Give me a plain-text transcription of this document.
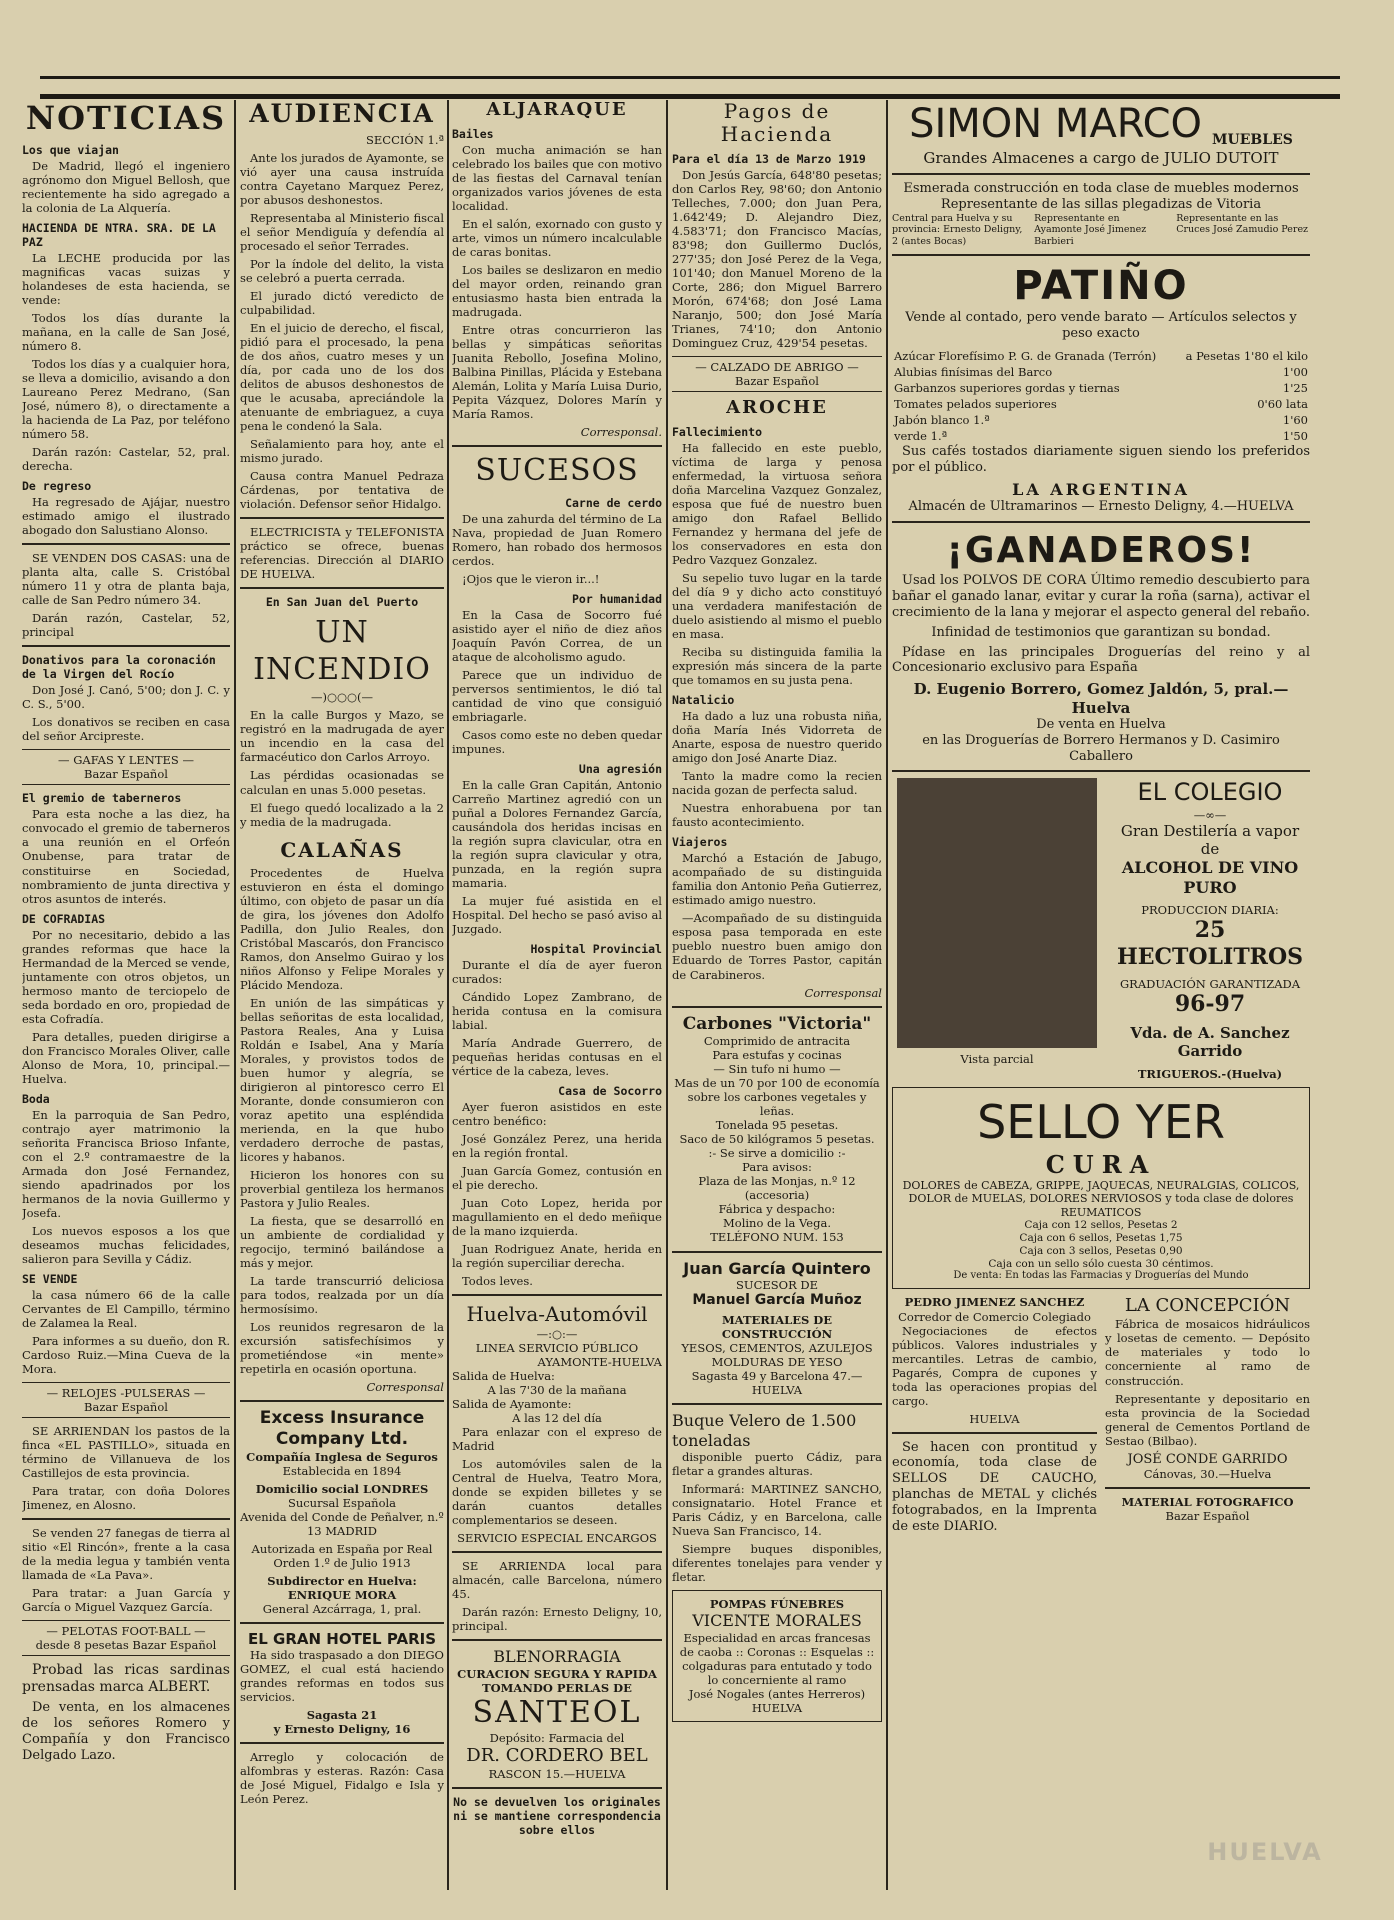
NOTICIAS
Los que viajan

De Madrid, llegó el ingeniero agrónomo don Miguel Bellosh, que recientemente ha sido agregado a la colonia de La Alquería.

HACIENDA DE NTRA. SRA. DE LA PAZ

La LECHE producida por las magnificas vacas suizas y holandeses de esta hacienda, se vende:

Todos los días durante la mañana, en la calle de San José, número 8.

Todos los días y a cualquier hora, se lleva a domicilio, avisando a don Laureano Perez Medrano, (San José, número 8), o directamente a la hacienda de La Paz, por teléfono número 58.

Darán razón: Castelar, 52, pral. derecha.

De regreso

Ha regresado de Ajájar, nuestro estimado amigo el ilustrado abogado don Salustiano Alonso.

SE VENDEN DOS CASAS: una de planta alta, calle S. Cristóbal número 11 y otra de planta baja, calle de San Pedro número 34.

Darán razón, Castelar, 52, principal

Donativos para la coronación de la Virgen del Rocío

Don José J. Canó, 5'00; don J. C. y C. S., 5'00.

Los donativos se reciben en casa del señor Arcipreste.

— GAFAS Y LENTES —
Bazar Español
El gremio de taberneros

Para esta noche a las diez, ha convocado el gremio de taberneros a una reunión en el Orfeón Onubense, para tratar de constituirse en Sociedad, nombramiento de junta directiva y otros asuntos de interés.

DE COFRADIAS

Por no necesitario, debido a las grandes reformas que hace la Hermandad de la Merced se vende, juntamente con otros objetos, un hermoso manto de terciopelo de seda bordado en oro, propiedad de esta Cofradía.

Para detalles, pueden dirigirse a don Francisco Morales Oliver, calle Alonso de Mora, 10, principal.—Huelva.

Boda

En la parroquia de San Pedro, contrajo ayer matrimonio la señorita Francisca Brioso Infante, con el 2.º contramaestre de la Armada don José Fernandez, siendo apadrinados por los hermanos de la novia Guillermo y Josefa.

Los nuevos esposos a los que deseamos muchas felicidades, salieron para Sevilla y Cádiz.

SE VENDE

la casa número 66 de la calle Cervantes de El Campillo, término de Zalamea la Real.

Para informes a su dueño, don R. Cardoso Ruiz.—Mina Cueva de la Mora.

— RELOJES -PULSERAS —
Bazar Español

SE ARRIENDAN los pastos de la finca «EL PASTILLO», situada en término de Villanueva de los Castillejos de esta provincia.

Para tratar, con doña Dolores Jimenez, en Alosno.

Se venden 27 fanegas de tierra al sitio «El Rincón», frente a la casa de la media legua y también venta llamada de «La Pava».

Para tratar: a Juan García y García o Miguel Vazquez García.

— PELOTAS FOOT-BALL —
desde 8 pesetas Bazar Español

Probad las ricas sardinas prensadas marca ALBERT.

De venta, en los almacenes de los señores Romero y Compañía y don Francisco Delgado Lazo.

AUDIENCIA

SECCIÓN 1.ª

Ante los jurados de Ayamonte, se vió ayer una causa instruída contra Cayetano Marquez Perez, por abusos deshonestos.

Representaba al Ministerio fiscal el señor Mendiguía y defendía al procesado el señor Terrades.

Por la índole del delito, la vista se celebró a puerta cerrada.

El jurado dictó veredicto de culpabilidad.

En el juicio de derecho, el fiscal, pidió para el procesado, la pena de dos años, cuatro meses y un día, por cada uno de los dos delitos de abusos deshonestos de que le acusaba, apreciándole la atenuante de embriaguez, a cuya pena le condenó la Sala.

Señalamiento para hoy, ante el mismo jurado.

Causa contra Manuel Pedraza Cárdenas, por tentativa de violación. Defensor señor Hidalgo.

ELECTRICISTA y TELEFONISTA práctico se ofrece, buenas referencias. Dirección al DIARIO DE HUELVA.

En San Juan del Puerto
UN INCENDIO

—)○○○(—

En la calle Burgos y Mazo, se registró en la madrugada de ayer un incendio en la casa del farmacéutico don Carlos Arroyo.

Las pérdidas ocasionadas se calculan en unas 5.000 pesetas.

El fuego quedó localizado a la 2 y media de la madrugada.

CALAÑAS

Procedentes de Huelva estuvieron en ésta el domingo último, con objeto de pasar un día de gira, los jóvenes don Adolfo Padilla, don Julio Reales, don Cristóbal Mascarós, don Francisco Ramos, don Anselmo Guirao y los niños Alfonso y Felipe Morales y Plácido Mendoza.

En unión de las simpáticas y bellas señoritas de esta localidad, Pastora Reales, Ana y Luisa Roldán e Isabel, Ana y María Morales, y provistos todos de buen humor y alegría, se dirigieron al pintoresco cerro El Morante, donde consumieron con voraz apetito una espléndida merienda, en la que hubo verdadero derroche de pastas, licores y habanos.

Hicieron los honores con su proverbial gentileza los hermanos Pastora y Julio Reales.

La fiesta, que se desarrolló en un ambiente de cordialidad y regocijo, terminó bailándose a más y mejor.

La tarde transcurrió deliciosa para todos, realzada por un día hermosísimo.

Los reunidos regresaron de la excursión satisfechísimos y prometiéndose «in mente» repetirla en ocasión oportuna.

Corresponsal

Excess Insurance Company Ltd.
Compañía Inglesa de Seguros
Establecida en 1894
Domicilio social LONDRES
Sucursal Española
Avenida del Conde de Peñalver, n.º 13 MADRID
Autorizada en España por Real Orden 1.º de Julio 1913
Subdirector en Huelva:
ENRIQUE MORA
General Azcárraga, 1, pral.
EL GRAN HOTEL PARIS

Ha sido traspasado a don DIEGO GOMEZ, el cual está haciendo grandes reformas en todos sus servicios.

Sagasta 21
y Ernesto Deligny, 16

Arreglo y colocación de alfombras y esteras. Razón: Casa de José Miguel, Fidalgo e Isla y León Perez.

ALJARAQUE
Bailes

Con mucha animación se han celebrado los bailes que con motivo de las fiestas del Carnaval tenían organizados varios jóvenes de esta localidad.

En el salón, exornado con gusto y arte, vimos un número incalculable de caras bonitas.

Los bailes se deslizaron en medio del mayor orden, reinando gran entusiasmo hasta bien entrada la madrugada.

Entre otras concurrieron las bellas y simpáticas señoritas Juanita Rebollo, Josefina Molino, Balbina Pinillas, Plácida y Estebana Alemán, Lolita y María Luisa Durio, Pepita Vázquez, Dolores Marín y María Ramos.

Corresponsal.

SUCESOS
Carne de cerdo

De una zahurda del término de La Nava, propiedad de Juan Romero Romero, han robado dos hermosos cerdos.

¡Ojos que le vieron ir...!

Por humanidad

En la Casa de Socorro fué asistido ayer el niño de diez años Joaquín Pavón Correa, de un ataque de alcoholismo agudo.

Parece que un individuo de perversos sentimientos, le dió tal cantidad de vino que consiguió embriagarle.

Casos como este no deben quedar impunes.

Una agresión

En la calle Gran Capitán, Antonio Carreño Martinez agredió con un puñal a Dolores Fernandez García, causándola dos heridas incisas en la región supra clavicular, otra en la región supra clavicular y otra, punzada, en la región supra mamaria.

La mujer fué asistida en el Hospital. Del hecho se pasó aviso al Juzgado.

Hospital Provincial

Durante el día de ayer fueron curados:

Cándido Lopez Zambrano, de herida contusa en la comisura labial.

María Andrade Guerrero, de pequeñas heridas contusas en el vértice de la cabeza, leves.

Casa de Socorro

Ayer fueron asistidos en este centro benéfico:

José González Perez, una herida en la región frontal.

Juan García Gomez, contusión en el pie derecho.

Juan Coto Lopez, herida por magullamiento en el dedo meñique de la mano izquierda.

Juan Rodriguez Anate, herida en la región superciliar derecha.

Todos leves.

Huelva-Automóvil
—:○:—
LINEA SERVICIO PÚBLICO
AYAMONTE-HUELVA
Salida de Huelva:
A las 7'30 de la mañana
Salida de Ayamonte:
A las 12 del día

Para enlazar con el expreso de Madrid

Los automóviles salen de la Central de Huelva, Teatro Mora, donde se expiden billetes y se darán cuantos detalles complementarios se deseen.

SERVICIO ESPECIAL ENCARGOS

SE ARRIENDA local para almacén, calle Barcelona, número 45.

Darán razón: Ernesto Deligny, 10, principal.

BLENORRAGIA
CURACION SEGURA Y RAPIDA
TOMANDO PERLAS DE
SANTEOL
Depósito: Farmacia del
DR. CORDERO BEL
RASCON 15.—HUELVA

No se devuelven los originales ni se mantiene correspondencia sobre ellos

Pagos de Hacienda
Para el día 13 de Marzo 1919

Don Jesús García, 648'80 pesetas; don Carlos Rey, 98'60; don Antonio Telleches, 7.000; don Juan Pera, 1.642'49; D. Alejandro Diez, 4.583'71; don Francisco Macías, 83'98; don Guillermo Duclós, 277'35; don José Perez de la Vega, 101'40; don Manuel Moreno de la Corte, 286; don Miguel Barrero Morón, 674'68; don José Lama Naranjo, 500; don José María Trianes, 74'10; don Antonio Dominguez Cruz, 429'54 pesetas.

— CALZADO DE ABRIGO —
Bazar Español
AROCHE
Fallecimiento

Ha fallecido en este pueblo, víctima de larga y penosa enfermedad, la virtuosa señora doña Marcelina Vazquez Gonzalez, esposa que fué de nuestro buen amigo don Rafael Bellido Fernandez y hermana del jefe de los conservadores en esta don Pedro Vazquez Gonzalez.

Su sepelio tuvo lugar en la tarde del día 9 y dicho acto constituyó una verdadera manifestación de duelo asistiendo al mismo el pueblo en masa.

Reciba su distinguida familia la expresión más sincera de la parte que tomamos en su justa pena.

Natalicio

Ha dado a luz una robusta niña, doña María Inés Vidorreta de Anarte, esposa de nuestro querido amigo don José Anarte Diaz.

Tanto la madre como la recien nacida gozan de perfecta salud.

Nuestra enhorabuena por tan fausto acontecimiento.

Viajeros

Marchó a Estación de Jabugo, acompañado de su distinguida familia don Antonio Peña Gutierrez, estimado amigo nuestro.

—Acompañado de su distinguida esposa pasa temporada en este pueblo nuestro buen amigo don Eduardo de Torres Pastor, capitán de Carabineros.

Corresponsal

Carbones "Victoria"
Comprimido de antracita
Para estufas y cocinas
— Sin tufo ni humo —
Mas de un 70 por 100 de economía sobre los carbones vegetales y leñas.
Tonelada 95 pesetas.
Saco de 50 kilógramos 5 pesetas.
:- Se sirve a domicilio :-
Para avisos:
Plaza de las Monjas, n.º 12 (accesoria)
Fábrica y despacho:
Molino de la Vega.
TELÉFONO NUM. 153
Juan García Quintero
SUCESOR DE
Manuel García Muñoz
MATERIALES DE CONSTRUCCIÓN
YESOS, CEMENTOS, AZULEJOS
MOLDURAS DE YESO
Sagasta 49 y Barcelona 47.—HUELVA
Buque Velero de 1.500 toneladas

disponible puerto Cádiz, para fletar a grandes alturas.

Informará: MARTINEZ SANCHO, consignatario. Hotel France et Paris Cádiz, y en Barcelona, calle Nueva San Francisco, 14.

Siempre buques disponibles, diferentes tonelajes para vender y fletar.

POMPAS FÚNEBRES
VICENTE MORALES
Especialidad en arcas francesas de caoba :: Coronas :: Esquelas :: colgaduras para entutado y todo lo concerniente al ramo
José Nogales (antes Herreros)
HUELVA
SIMON MARCO MUEBLES
Grandes Almacenes a cargo de JULIO DUTOIT
Esmerada construcción en toda clase de muebles modernos
Representante de las sillas plegadizas de Vitoria
Central para Huelva y su provincia: Ernesto Deligny, 2 (antes Bocas)
Representante en Ayamonte José Jimenez Barbieri
Representante en las Cruces José Zamudio Perez
PATIÑO
Vende al contado, pero vende barato — Artículos selectos y peso exacto
Azúcar Florefísimo P. G. de Granada (Terrón)	a Pesetas 1'80 el kilo
Alubias finísimas del Barco	1'00
Garbanzos superiores gordas y tiernas	1'25
Tomates pelados superiores	0'60 lata
Jabón blanco 1.ª	1'60
verde 1.ª	1'50

Sus cafés tostados diariamente siguen siendo los preferidos por el público.

LA ARGENTINA
Almacén de Ultramarinos — Ernesto Deligny, 4.—HUELVA
¡GANADEROS!

Usad los POLVOS DE CORA Último remedio descubierto para bañar el ganado lanar, evitar y curar la roña (sarna), activar el crecimiento de la lana y mejorar el aspecto general del rebaño.

Infinidad de testimonios que garantizan su bondad.

Pídase en las principales Droguerías del reino y al Concesionario exclusivo para España

D. Eugenio Borrero, Gomez Jaldón, 5, pral.—Huelva
De venta en Huelva
en las Droguerías de Borrero Hermanos y D. Casimiro Caballero
Vista parcial
EL COLEGIO
—∞—
Gran Destilería a vapor de
ALCOHOL DE VINO PURO
PRODUCCION DIARIA:
25 HECTOLITROS
GRADUACIÓN GARANTIZADA
96-97
Vda. de A. Sanchez Garrido
TRIGUEROS.-(Huelva)
SELLO YER
CURA
DOLORES de CABEZA, GRIPPE, JAQUECAS, NEURALGIAS, COLICOS, DOLOR de MUELAS, DOLORES NERVIOSOS y toda clase de dolores REUMATICOS
Caja con 12 sellos, Pesetas 2
Caja con 6 sellos, Pesetas 1,75
Caja con 3 sellos, Pesetas 0,90
Caja con un sello sólo cuesta 30 céntimos.
De venta: En todas las Farmacias y Droguerías del Mundo
PEDRO JIMENEZ SANCHEZ
Corredor de Comercio Colegiado

Negociaciones de efectos públicos. Valores industriales y mercantiles. Letras de cambio, Pagarés, Compra de cupones y toda las operaciones propias del cargo.

HUELVA

Se hacen con prontitud y economía, toda clase de SELLOS DE CAUCHO, planchas de METAL y clichés fotograbados, en la Imprenta de este DIARIO.

LA CONCEPCIÓN

Fábrica de mosaicos hidráulicos y losetas de cemento. — Depósito de materiales y todo lo concerniente al ramo de construcción.

Representante y depositario en esta provincia de la Sociedad general de Cementos Portland de Sestao (Bilbao).

JOSÉ CONDE GARRIDO
Cánovas, 30.—Huelva
MATERIAL FOTOGRAFICO
Bazar Español
HUELVA
